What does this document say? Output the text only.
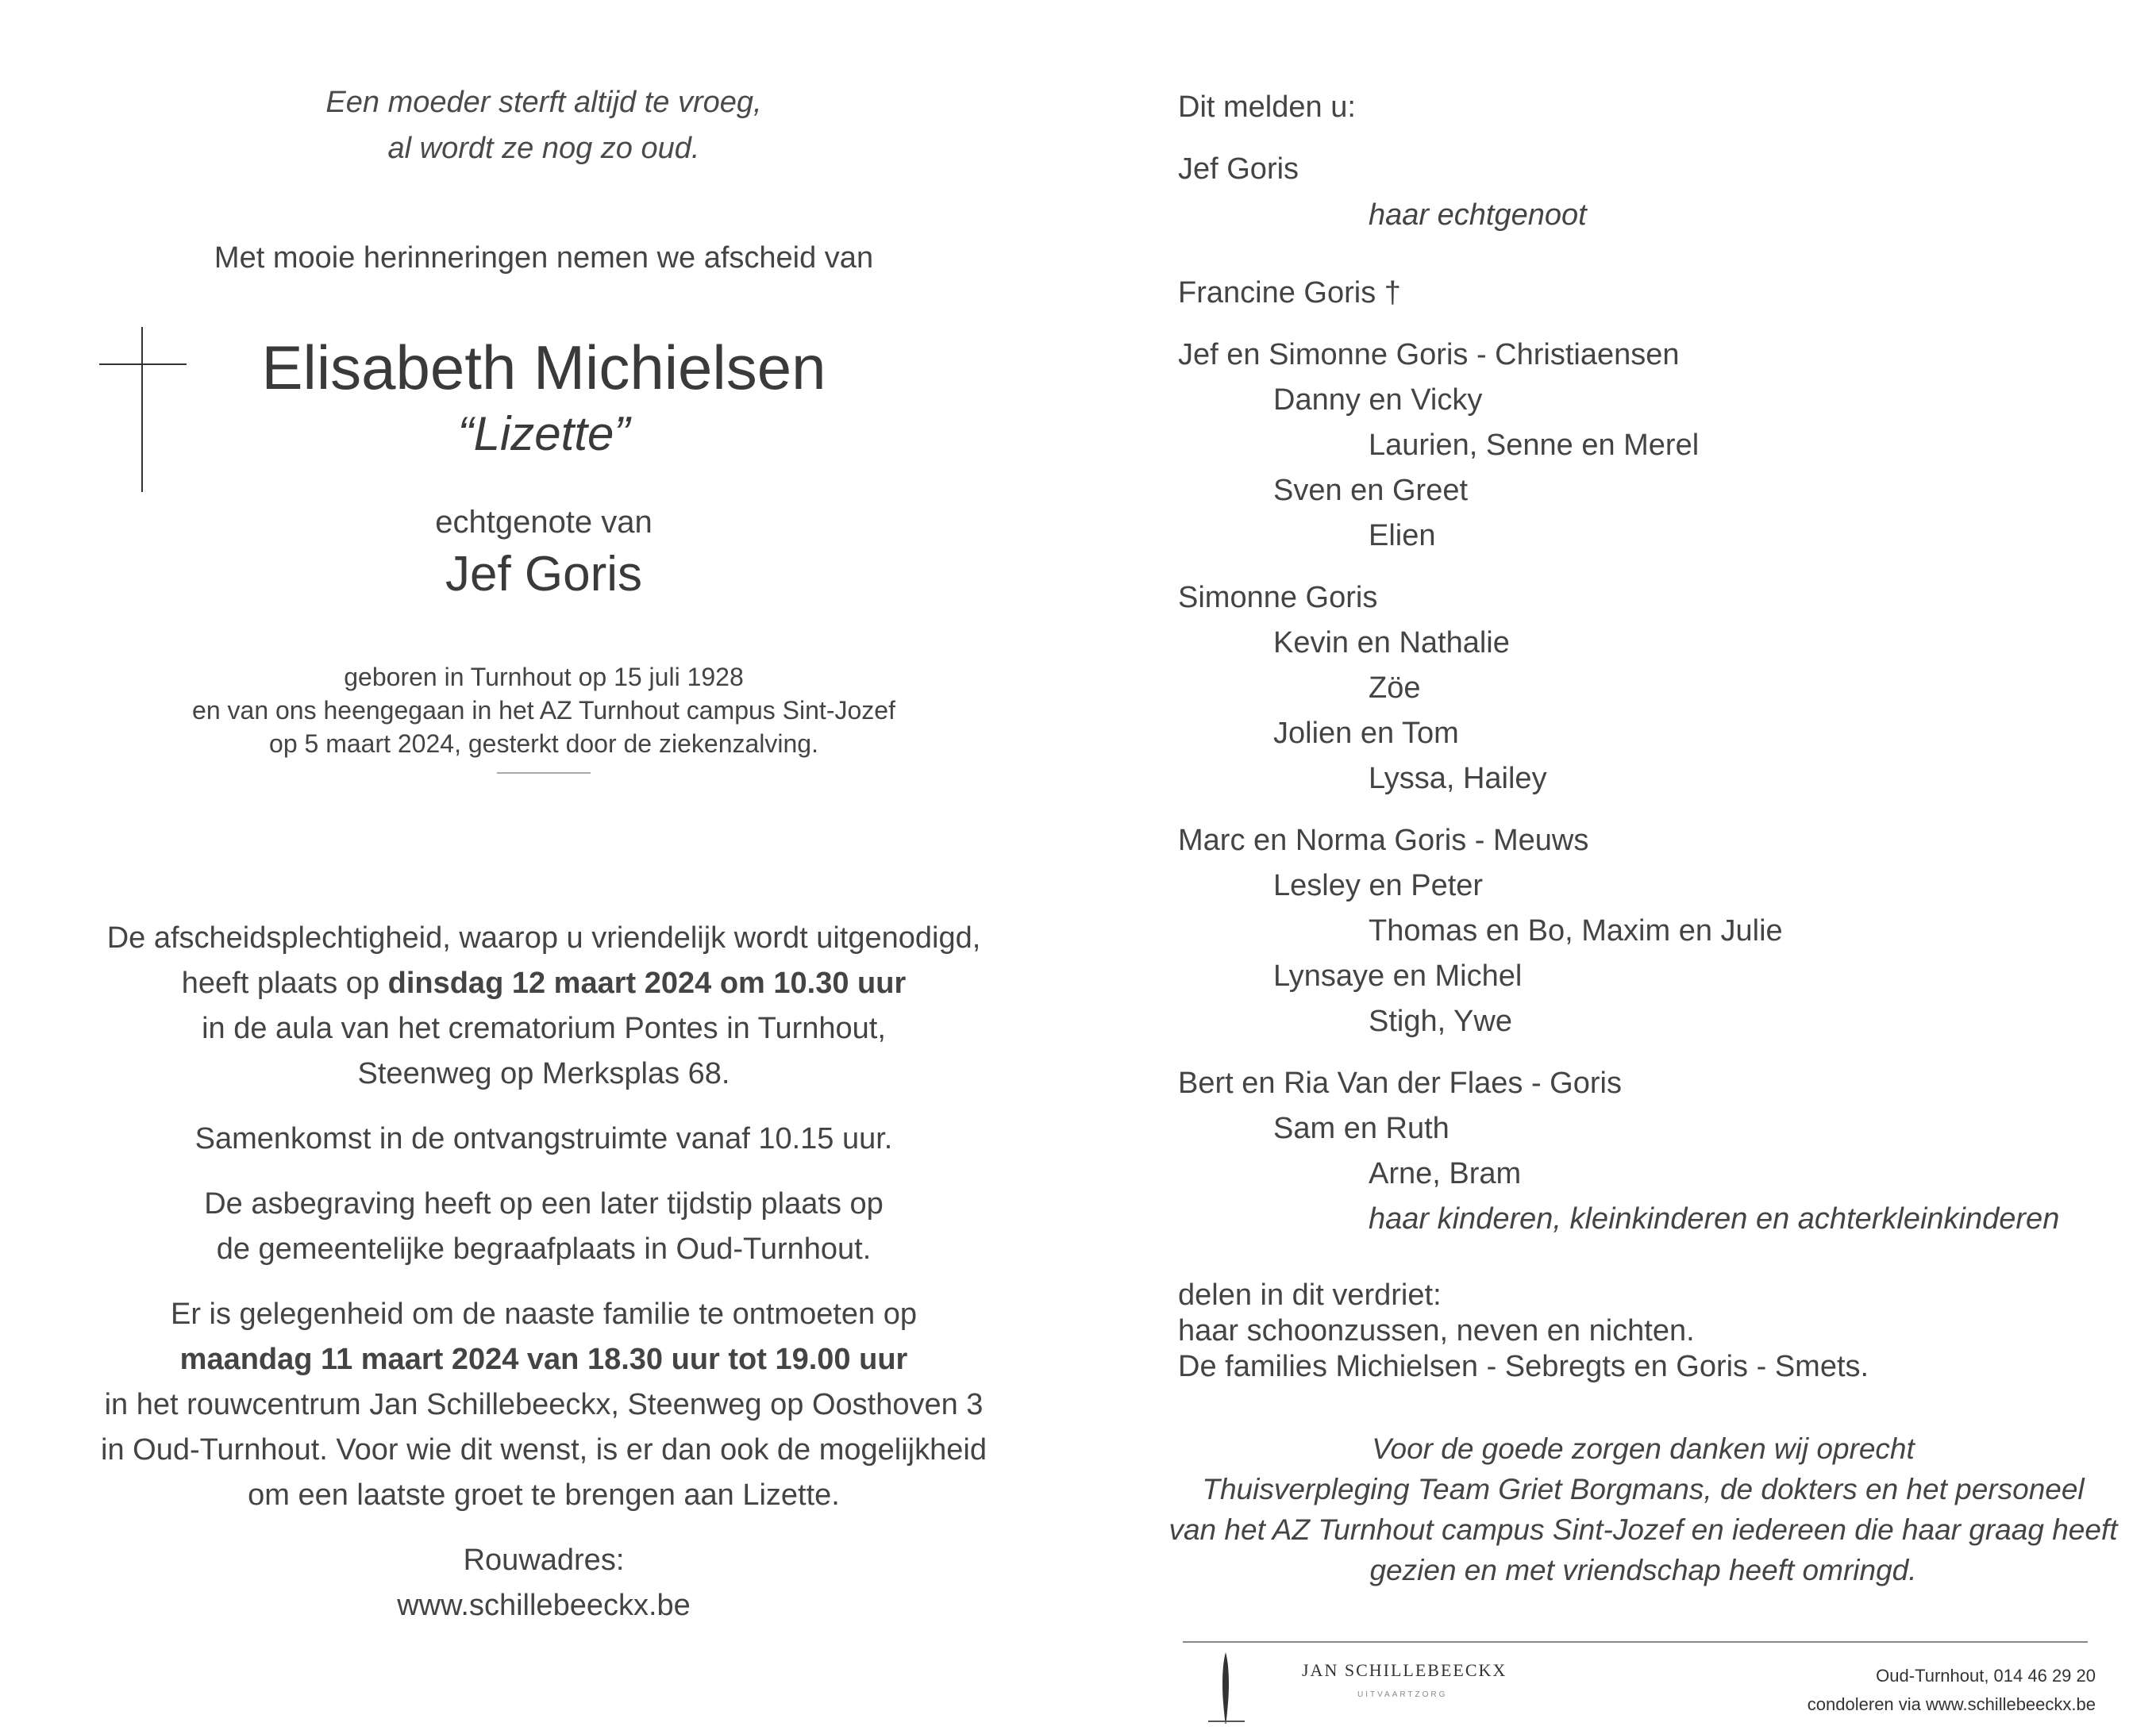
Een moeder sterft altijd te vroeg,
al wordt ze nog zo oud.
Met mooie herinneringen nemen we afscheid van
Elisabeth Michielsen
“Lizette”
echtgenote van
Jef Goris
geboren in Turnhout op 15 juli 1928
en van ons heengegaan in het AZ Turnhout campus Sint-Jozef
op 5 maart 2024, gesterkt door de ziekenzalving.

De afscheidsplechtigheid, waarop u vriendelijk wordt uitgenodigd,
heeft plaats op dinsdag 12 maart 2024 om 10.30 uur
in de aula van het crematorium Pontes in Turnhout,
Steenweg op Merksplas 68.

Samenkomst in de ontvangstruimte vanaf 10.15 uur.

De asbegraving heeft op een later tijdstip plaats op
de gemeentelijke begraafplaats in Oud-Turnhout.

Er is gelegenheid om de naaste familie te ontmoeten op
maandag 11 maart 2024 van 18.30 uur tot 19.00 uur
in het rouwcentrum Jan Schillebeeckx, Steenweg op Oosthoven 3
in Oud-Turnhout. Voor wie dit wenst, is er dan ook de mogelijkheid
om een laatste groet te brengen aan Lizette.

Rouwadres:
www.schillebeeckx.be

Dit melden u:
Jef Goris
haar echtgenoot
Francine Goris †
Jef en Simonne Goris - Christiaensen
Danny en Vicky
Laurien, Senne en Merel
Sven en Greet
Elien
Simonne Goris
Kevin en Nathalie
Zöe
Jolien en Tom
Lyssa, Hailey
Marc en Norma Goris - Meuws
Lesley en Peter
Thomas en Bo, Maxim en Julie
Lynsaye en Michel
Stigh, Ywe
Bert en Ria Van der Flaes - Goris
Sam en Ruth
Arne, Bram
haar kinderen, kleinkinderen en achterkleinkinderen
delen in dit verdriet:
haar schoonzussen, neven en nichten.
De families Michielsen - Sebregts en Goris - Smets.
Voor de goede zorgen danken wij oprecht
Thuisverpleging Team Griet Borgmans, de dokters en het personeel
van het AZ Turnhout campus Sint-Jozef en iedereen die haar graag heeft
gezien en met vriendschap heeft omringd.
JAN SCHILLEBEECKX
UITVAARTZORG
Oud-Turnhout, 014 46 29 20
condoleren via www.schillebeeckx.be
